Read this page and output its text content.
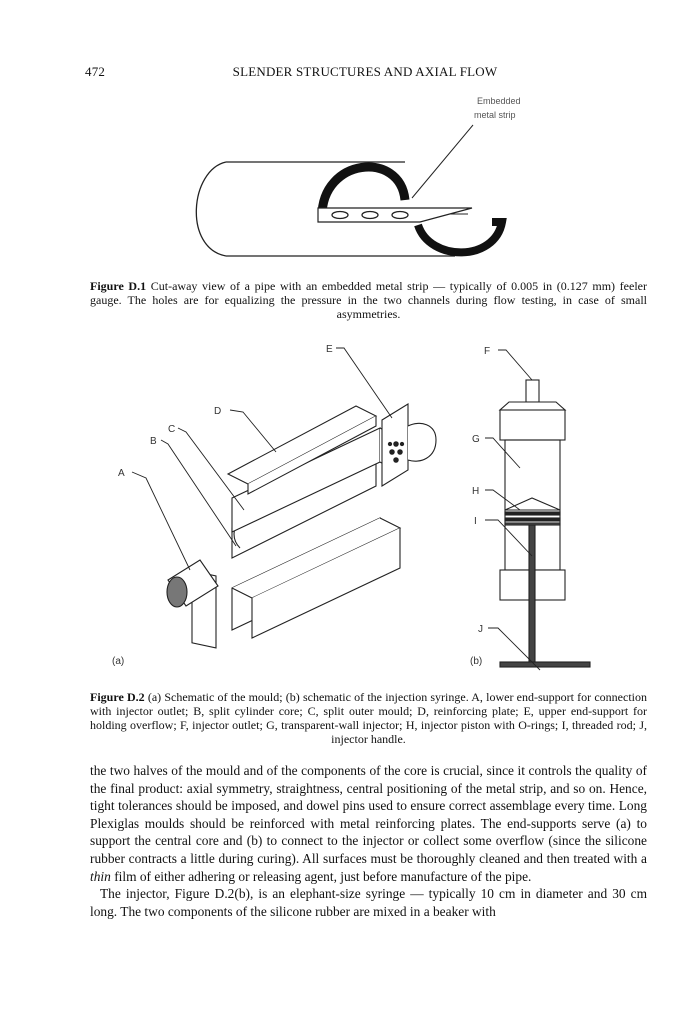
472	SLENDER STRUCTURES AND AXIAL FLOW
Embedded
metal strip
Figure D.1 Cut-away view of a pipe with an embedded metal strip — typically of 0.005 in (0.127 mm) feeler gauge. The holes are for equalizing the pressure in the two channels during flow testing, in case of small asymmetries.
A
B
C
D
E	F
G
H
I
J
(a)	(b)
Figure D.2 (a) Schematic of the mould; (b) schematic of the injection syringe. A, lower end-support for connection with injector outlet; B, split cylinder core; C, split outer mould; D, reinforcing plate; E, upper end-support for holding overflow; F, injector outlet; G, transparent-wall injector; H, injector piston with O-rings; I, threaded rod; J, injector handle.

the two halves of the mould and of the components of the core is crucial, since it controls the quality of the final product: axial symmetry, straightness, central positioning of the metal strip, and so on. Hence, tight tolerances should be imposed, and dowel pins used to ensure correct assemblage every time. Long Plexiglas moulds should be reinforced with metal reinforcing plates. The end-supports serve (a) to support the central core and (b) to connect to the injector or collect some overflow (since the silicone rubber contracts a little during curing). All surfaces must be thoroughly cleaned and then treated with a thin film of either adhering or releasing agent, just before manufacture of the pipe.

The injector, Figure D.2(b), is an elephant-size syringe — typically 10 cm in diameter and 30 cm long. The two components of the silicone rubber are mixed in a beaker with
